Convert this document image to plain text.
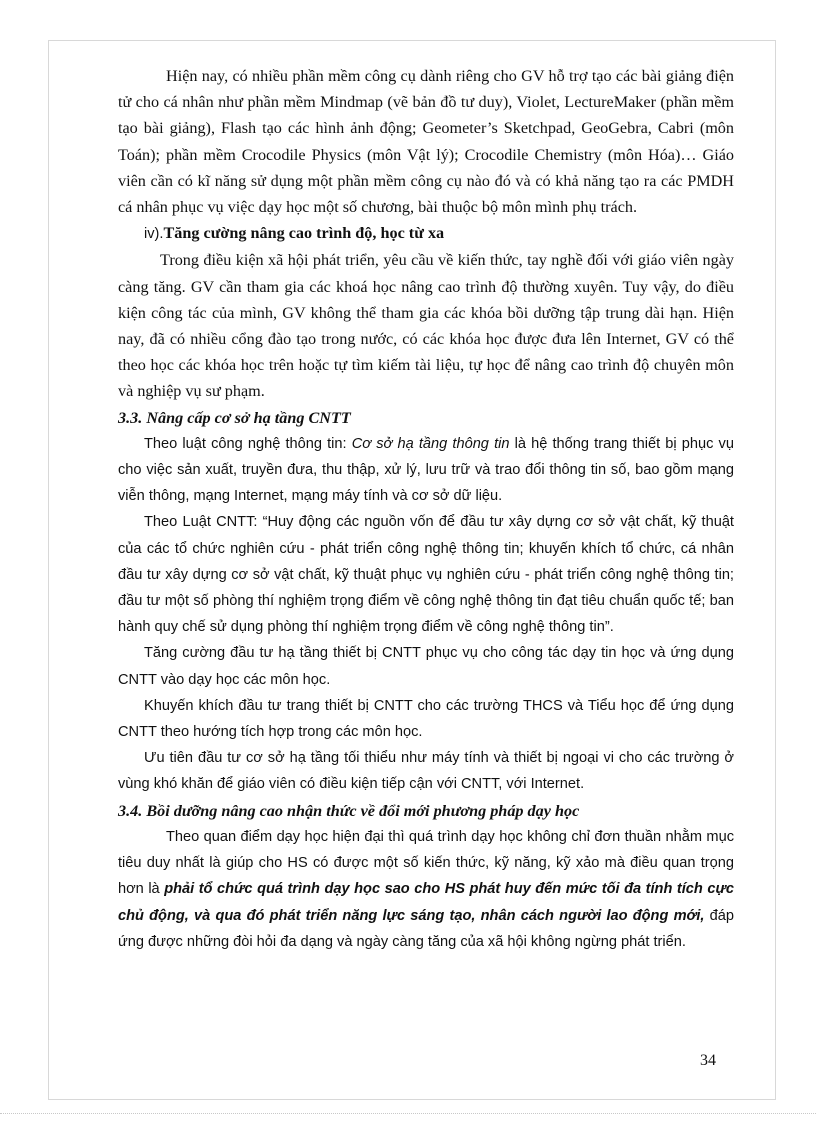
Hiện nay, có nhiều phần mềm công cụ dành riêng cho GV hỗ trợ tạo các bài giảng điện tử cho cá nhân như phần mềm Mindmap (vẽ bản đồ tư duy), Violet, LectureMaker (phần mềm tạo bài giảng), Flash tạo các hình ảnh động; Geometer’s Sketchpad, GeoGebra, Cabri (môn Toán); phần mềm Crocodile Physics (môn Vật lý); Crocodile Chemistry (môn Hóa)… Giáo viên cần có kĩ năng sử dụng một phần mềm công cụ nào đó và có khả năng tạo ra các PMDH cá nhân phục vụ việc dạy học một số chương, bài thuộc bộ môn mình phụ trách.

iv).Tăng cường nâng cao trình độ, học từ xa

Trong điều kiện xã hội phát triển, yêu cầu về kiến thức, tay nghề đối với giáo viên ngày càng tăng. GV cần tham gia các khoá học nâng cao trình độ thường xuyên. Tuy vậy, do điều kiện công tác của mình, GV không thể tham gia các khóa bồi dưỡng tập trung dài hạn. Hiện nay, đã có nhiều cổng đào tạo trong nước, có các khóa học được đưa lên Internet, GV có thể theo học các khóa học trên hoặc tự tìm kiếm tài liệu, tự học để nâng cao trình độ chuyên môn và nghiệp vụ sư phạm.

3.3. Nâng cấp cơ sở hạ tầng CNTT

Theo luật công nghệ thông tin: Cơ sở hạ tầng thông tin là hệ thống trang thiết bị phục vụ cho việc sản xuất, truyền đưa, thu thập, xử lý, lưu trữ và trao đổi thông tin số, bao gồm mạng viễn thông, mạng Internet, mạng máy tính và cơ sở dữ liệu.

Theo Luật CNTT: “Huy động các nguồn vốn để đầu tư xây dựng cơ sở vật chất, kỹ thuật của các tổ chức nghiên cứu - phát triển công nghệ thông tin; khuyến khích tổ chức, cá nhân đầu tư xây dựng cơ sở vật chất, kỹ thuật phục vụ nghiên cứu - phát triển công nghệ thông tin; đầu tư một số phòng thí nghiệm trọng điểm về công nghệ thông tin đạt tiêu chuẩn quốc tế; ban hành quy chế sử dụng phòng thí nghiệm trọng điểm về công nghệ thông tin”.

Tăng cường đầu tư hạ tầng thiết bị CNTT phục vụ cho công tác dạy tin học và ứng dụng CNTT vào dạy học các môn học.

Khuyến khích đầu tư trang thiết bị CNTT cho các trường THCS và Tiểu học để ứng dụng CNTT theo hướng tích hợp trong các môn học.

Ưu tiên đầu tư cơ sở hạ tầng tối thiểu như máy tính và thiết bị ngoại vi cho các trường ở vùng khó khăn để giáo viên có điều kiện tiếp cận với CNTT, với Internet.

3.4. Bồi dưỡng nâng cao nhận thức về đổi mới phương pháp dạy học

Theo quan điểm dạy học hiện đại thì quá trình dạy học không chỉ đơn thuần nhằm mục tiêu duy nhất là giúp cho HS có được một số kiến thức, kỹ năng, kỹ xảo mà điều quan trọng hơn là phải tổ chức quá trình dạy học sao cho HS phát huy đến mức tối đa tính tích cực chủ động, và qua đó phát triển năng lực sáng tạo, nhân cách người lao động mới, đáp ứng được những đòi hỏi đa dạng và ngày càng tăng của xã hội không ngừng phát triển.

34
